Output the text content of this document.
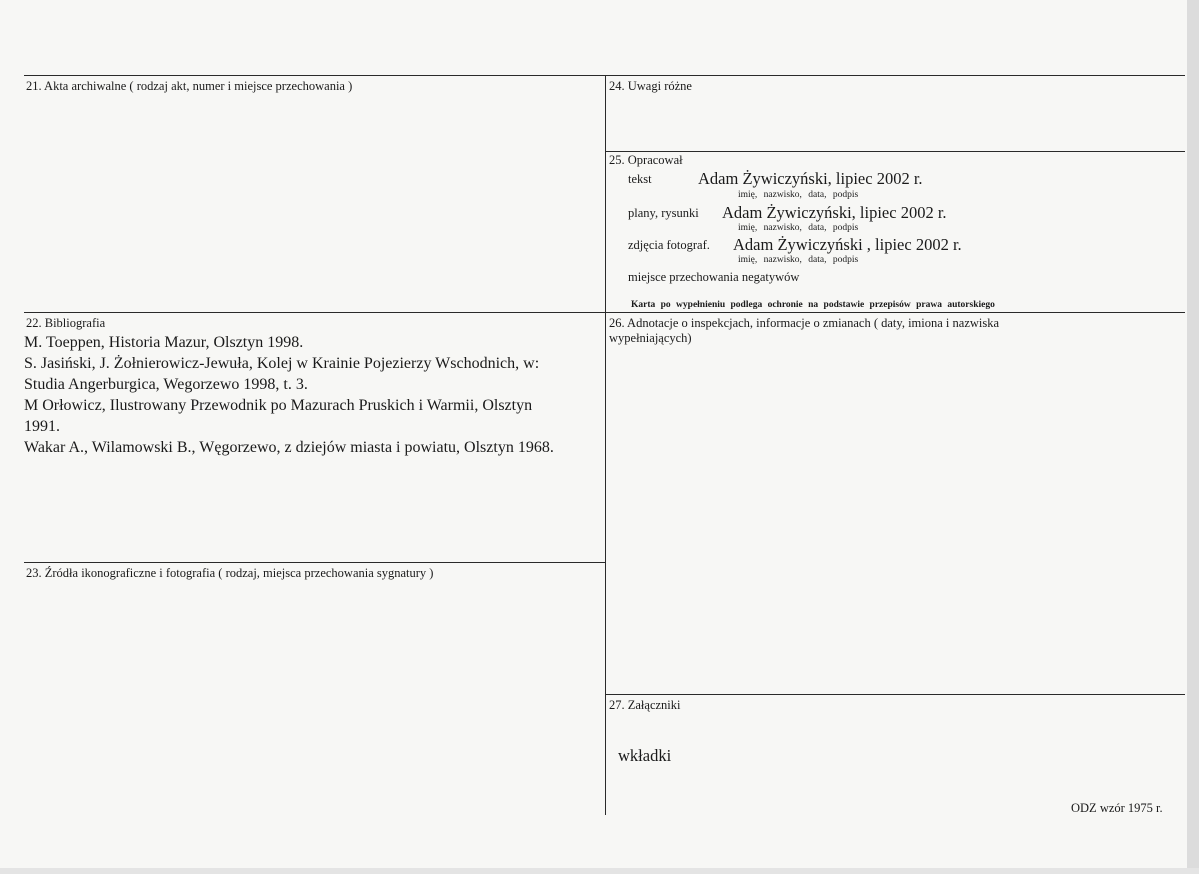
21. Akta archiwalne ( rodzaj akt, numer i miejsce przechowania )	24. Uwagi różne
25. Opracował
tekst	Adam Żywiczyński, lipiec 2002 r.
imię, nazwisko, data, podpis
plany, rysunki Adam Żywiczyński, lipiec 2002 r.
imię, nazwisko, data, podpis
zdjęcia fotograf. Adam Żywiczyński , lipiec 2002 r.
imię, nazwisko, data, podpis
miejsce przechowania negatywów
Karta po wypełnieniu podlega ochronie na podstawie przepisów prawa autorskiego
22. Bibliografia
M. Toeppen, Historia Mazur, Olsztyn 1998.
S. Jasiński, J. Żołnierowicz-Jewuła, Kolej w Krainie Pojezierzy Wschodnich, w:
Studia Angerburgica, Wegorzewo 1998, t. 3.
M Orłowicz, Ilustrowany Przewodnik po Mazurach Pruskich i Warmii, Olsztyn
1991.
Wakar A., Wilamowski B., Węgorzewo, z dziejów miasta i powiatu, Olsztyn 1968.
26. Adnotacje o inspekcjach, informacje o zmianach ( daty, imiona i nazwiska
wypełniających)
23. Źródła ikonograficzne i fotografia ( rodzaj, miejsca przechowania sygnatury )
27. Załączniki
wkładki
ODZ wzór 1975 r.
